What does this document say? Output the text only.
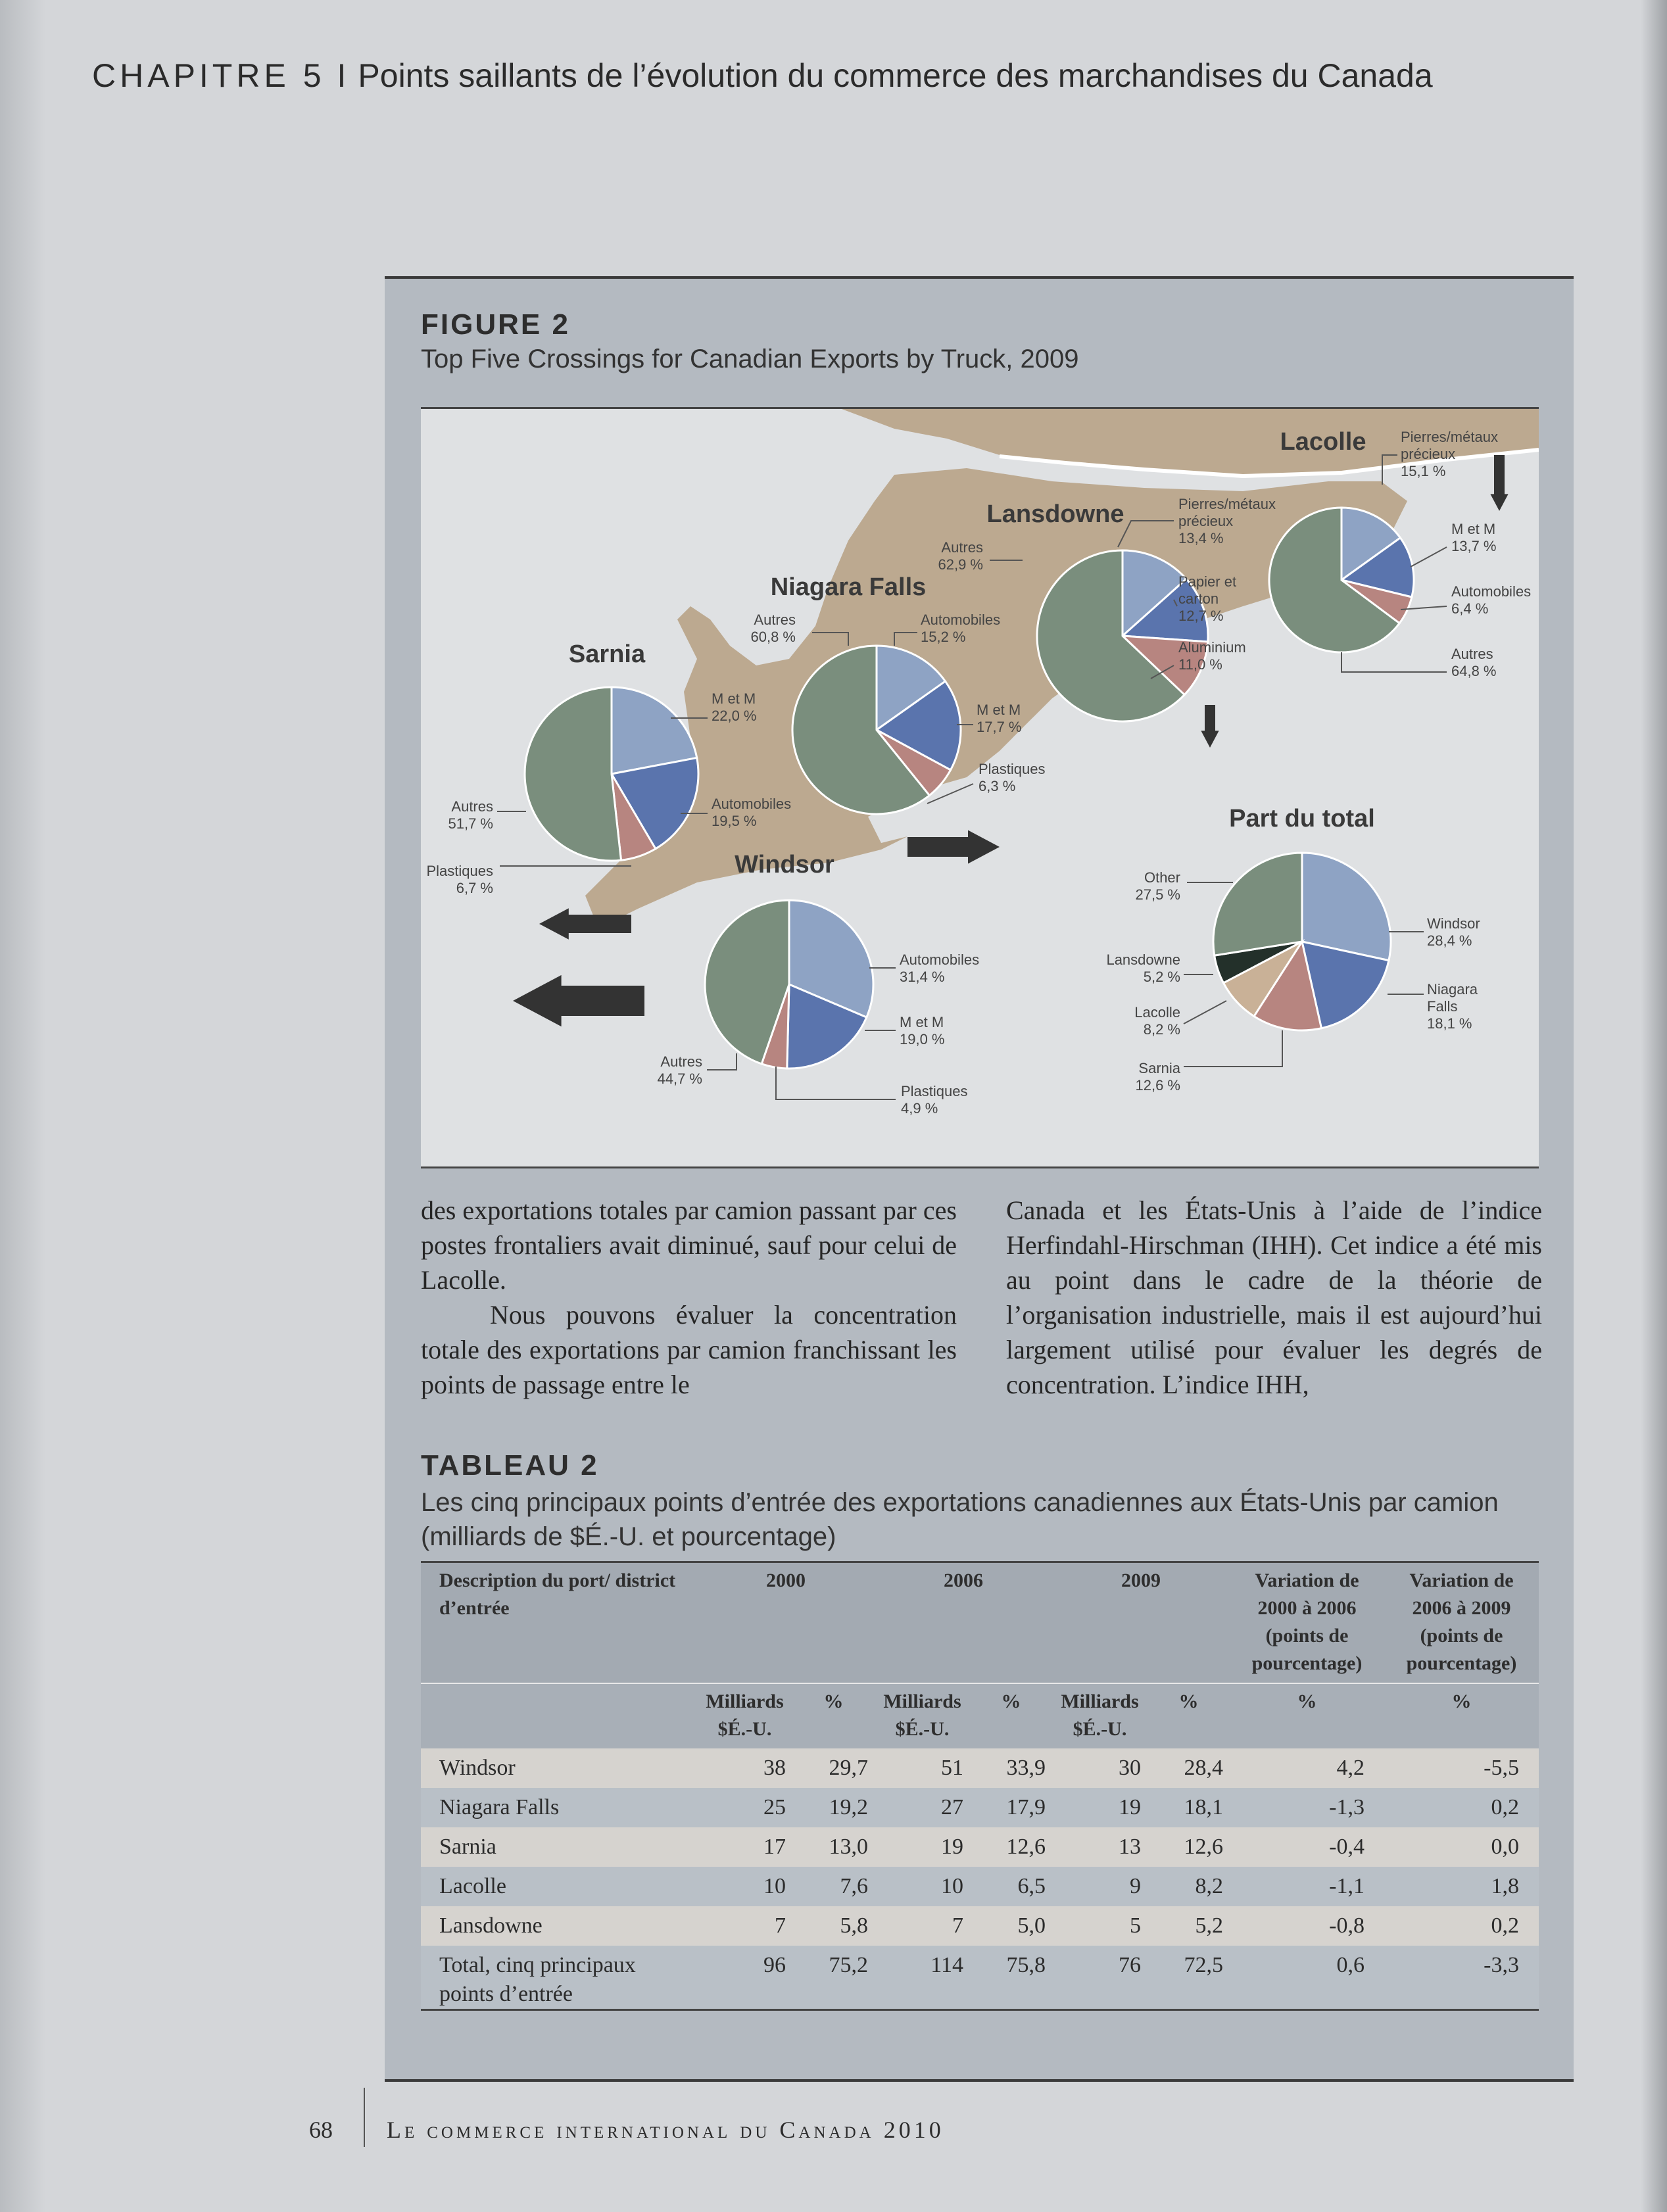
CHAPITRE 5 I Points saillants de l’évolution du commerce des marchandises du Canada
FIGURE 2
Top Five Crossings for Canadian Exports by Truck, 2009
Sarnia
M et M 22,0 %
Automobiles 19,5 %
Plastiques 6,7 %
Autres 51,7 %
Niagara Falls
Automobiles 15,2 %
M et M 17,7 %
Plastiques 6,3 %
Autres 60,8 %
Lansdowne	Pierres/métaux précieux 13,4 %
Papier et carton 12,7 %
Aluminium 11,0 %
Autres 62,9 %
Lacolle Pierres/métaux précieux 15,1 %
M et M 13,7 %
Automobiles 6,4 %
Autres 64,8 %
Windsor
Automobiles 31,4 %
M et M 19,0 %
Plastiques 4,9 %
Autres 44,7 %
Part du total
Windsor 28,4 %
Niagara Falls 18,1 %
Sarnia 12,6 %
Lacolle 8,2 %
Lansdowne 5,2 %
Other 27,5 %

des exportations totales par camion passant par ces postes frontaliers avait diminué, sauf pour celui de Lacolle.

Nous pouvons évaluer la concentration totale des exportations par camion franchissant les points de passage entre le

Canada et les États-Unis à l’aide de l’indice Herfindahl-Hirschman (IHH). Cet indice a été mis au point dans le cadre de la théorie de l’organisation industrielle, mais il est aujourd’hui largement utilisé pour évaluer les degrés de concentration. L’indice IHH,

TABLEAU 2
Les cinq principaux points d’entrée des exportations canadiennes aux États-Unis par camion (milliards de $É.-U. et pourcentage)
Description du port/ district d’entrée	2000		2006		2009		Variation de 2000 à 2006 (points de pourcentage)	Variation de 2006 à 2009 (points de pourcentage)
	Milliards $É.-U.	%	Milliards $É.-U.	%	Milliards $É.-U.	%	%	%
Windsor	38	29,7	51	33,9	30	28,4	4,2	-5,5
Niagara Falls	25	19,2	27	17,9	19	18,1	-1,3	0,2
Sarnia	17	13,0	19	12,6	13	12,6	-0,4	0,0
Lacolle	10	7,6	10	6,5	9	8,2	-1,1	1,8
Lansdowne	7	5,8	7	5,0	5	5,2	-0,8	0,2
Total, cinq principaux points d’entrée	96	75,2	114	75,8	76	72,5	0,6	-3,3
68 Le commerce international du Canada 2010
